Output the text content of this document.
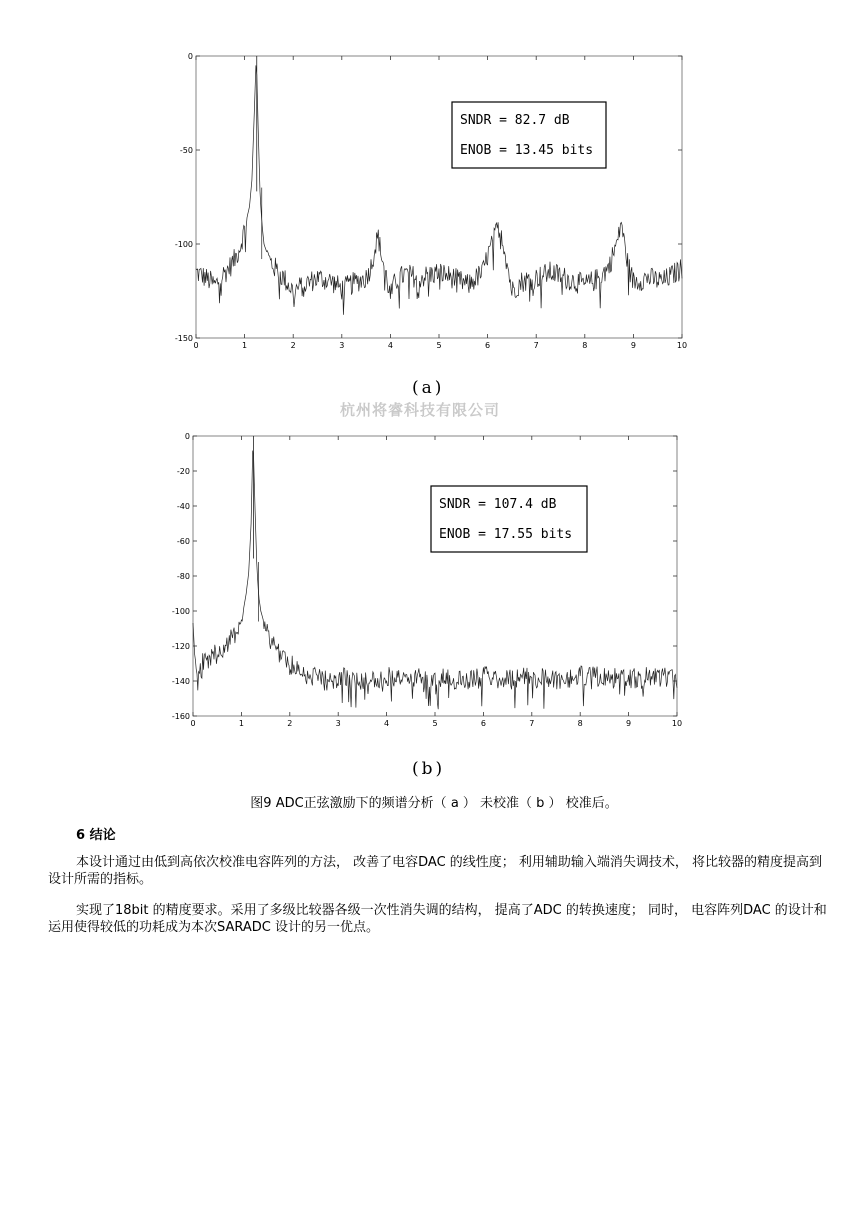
0	1	2	3	4	5	6	7	8	9	10
0
-50
-100
-150
SNDR = 82.7 dB
ENOB = 13.45 bits
(a)
杭州将睿科技有限公司
0	1	2	3	4	5	6	7	8	9	10
0
-20
-40
-60
-80
-100
-120
-140
-160
SNDR = 107.4 dB
ENOB = 17.55 bits
(b)
图9 ADC正弦激励下的频谱分析（ a ） 未校准（ b ） 校准后。
6 结论

本设计通过由低到高依次校准电容阵列的方法， 改善了电容DAC 的线性度； 利用辅助输入端消失调技术， 将比较器的精度提高到设计所需的指标。

实现了18bit 的精度要求。采用了多级比较器各级一次性消失调的结构， 提高了ADC 的转换速度； 同时， 电容阵列DAC 的设计和运用使得较低的功耗成为本次SARADC 设计的另一优点。
